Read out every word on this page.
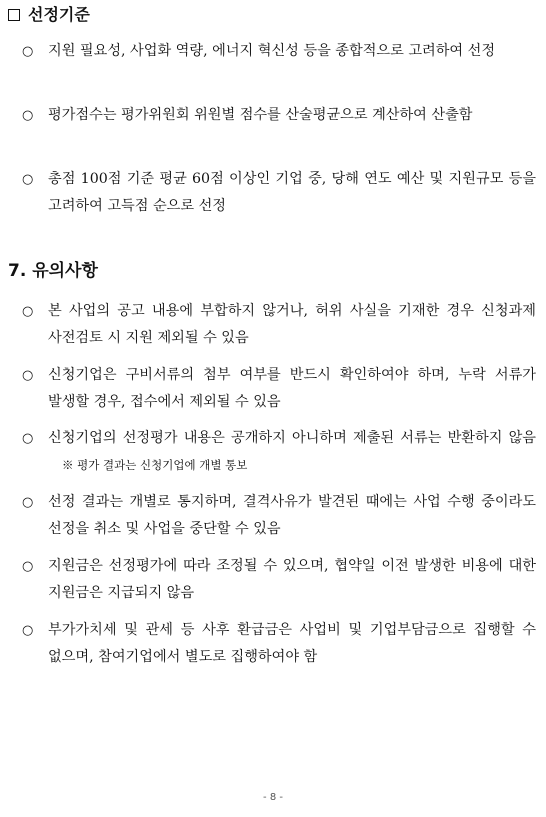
선정기준
○	지원 필요성, 사업화 역량, 에너지 혁신성 등을 종합적으로 고려하여 선정
○	평가점수는 평가위원회 위원별 점수를 산술평균으로 계산하여 산출함
○	총점 100점 기준 평균 60점 이상인 기업 중, 당해 연도 예산 및 지원규모 등을 고려하여 고득점 순으로 선정
7. 유의사항
○	본 사업의 공고 내용에 부합하지 않거나, 허위 사실을 기재한 경우 신청과제 사전검토 시 지원 제외될 수 있음
○	신청기업은 구비서류의 첨부 여부를 반드시 확인하여야 하며, 누락 서류가 발생할 경우, 접수에서 제외될 수 있음
○	신청기업의 선정평가 내용은 공개하지 아니하며 제출된 서류는 반환하지 않음※ 평가 결과는 신청기업에 개별 통보
○	선정 결과는 개별로 통지하며, 결격사유가 발견된 때에는 사업 수행 중이라도 선정을 취소 및 사업을 중단할 수 있음
○	지원금은 선정평가에 따라 조정될 수 있으며, 협약일 이전 발생한 비용에 대한 지원금은 지급되지 않음
○	부가가치세 및 관세 등 사후 환급금은 사업비 및 기업부담금으로 집행할 수 없으며, 참여기업에서 별도로 집행하여야 함
- 8 -
